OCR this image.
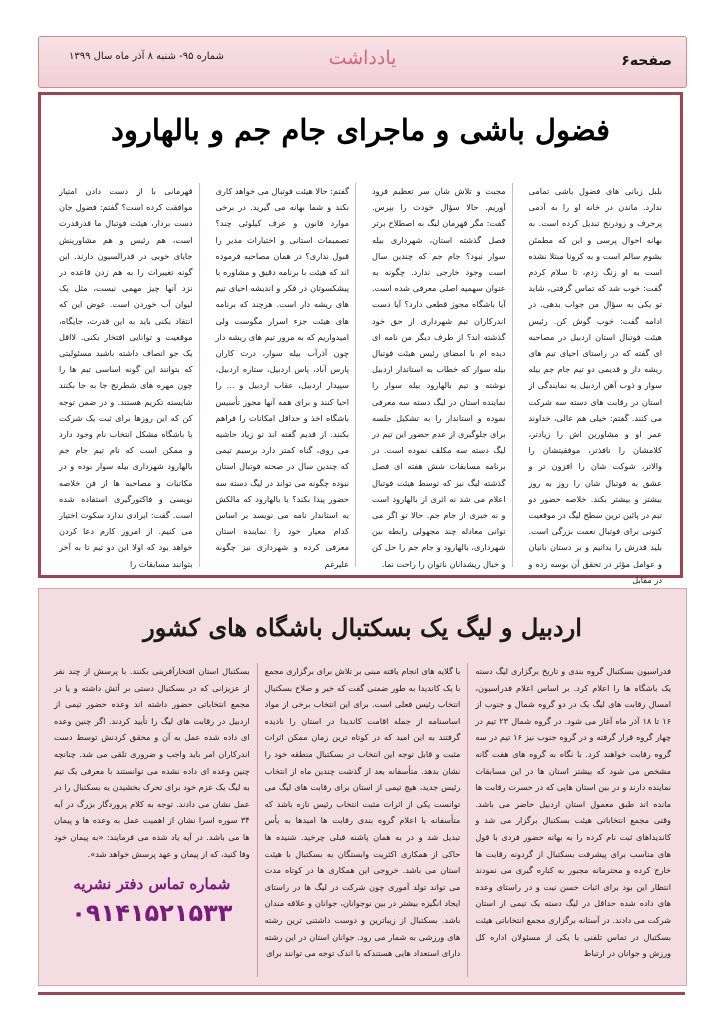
صفحه۶
یادداشت
شماره ۹۵- شنبه ۸ آذر ماه سال ۱۳۹۹
فضول باشی و ماجرای جام جم و بالهارود
بلبل زبانی های فضول باشی تمامی ندارد. ماندن در خانه او را به آدمی پرحرف و زودرنج تبدیل کرده است. به بهانه احوال پرسی و این که مطمئن بشوم سالم است و به کرونا مبتلا نشده است به او زنگ زدم، تا سلام کردم گفت: خوب شد که تماس گرفتی، شاید تو یکی به سؤال من جواب بدهی. در ادامه گفت: خوب گوش کن. رئیس هیئت فوتبال استان اردبیل در مصاحبه ای گفته که در راستای احیای تیم های ریشه دار و قدیمی دو تیم جام جم بیله سوار و ذوب آهن اردبیل به نمایندگی از استان در رقابت های دسته سه شرکت می کنند. گفتم: خیلی هم عالی، خداوند عمر او و مشاورین اش را زیادتر، کلامشان را نافذتر، موفقیتشان را والاتر، شوکت شان را افزون تر و عشق به فوتبال شان را روز به روز بیشتر و بیشتر بکند. خلاصه حضور دو تیم در پائین ترین سطح لیگ در موقعیت کنونی برای فوتبال نعمت بزرگی است. بلید قدرش را بدانیم و بر دستان بانیان و عوامل مؤثر در تحقق آن بوسه زده و در مقابل
مجبت و تلاش شان سر تعظیم فرود آوریم. حالا سؤال خودت را بپرس. گفت: مگر قهرمان لیگ به اصطلاح برتر فصل گذشته استان، شهرداری بیله سوار نبود؟ جام جم که چندین سال است وجود خارجی ندارد. چگونه به عنوان سهمیه اصلی معرفی شده است. آیا باشگاه مجوز قطعی دارد؟ آیا دست اندرکاران تیم شهرداری از حق خود گذشته اند؟ از طرف دیگر من نامه ای دیده ام با امضای رئیس هیئت فوتبال بیله سوار که خطاب به استاندار اردبیل نوشته و تیم بالهارود بیله سوار را نماینده استان در لیگ دسته سه معرفی نموده و استاندار را به تشکیل جلسه برای جلوگیری از عدم حضور این تیم در لیگ دسته سه مکلف نموده است. در برنامه مسابقات شش هفته ای فصل گذشته لیگ نیز که توسط هیئت فوتبال اعلام می شد نه اثری از بالهارود است و نه خبری از جام جم. حالا تو اگر می توانی معادله چند مجهولی رابطه بین شهرداری، بالهارود و جام جم را حل کن و خیال ریشدانان ناتوان را راحت نما.
گفتم: حالا هیئت فوتبال می خواهد کاری بکند و شما بهانه می گیرید. در برخی موارد قانون و عرف کیلوئی چند؟ تصمیمات استانی و اختیارات مدیر را قبول نداری؟ در همان مصاحبه فرموده اند که هیئت با برنامه دقیق و مشاوره با پیشکسوتان در فکر و اندیشه احیای تیم های ریشه دار است. هرچند که برنامه های هیئت جزء اسرار مگوست ولی امیدواریم که به مرور تیم های ریشه دار چون آذرآب بیله سوار، درت کاران پارس آباد، پاس اردبیل، ستاره اردبیل، سپیدار اردبیل، عقاب اردبیل و ... را احیا کنند و برای همه آنها مجوز تأسیس باشگاه اخذ و حداقل امکانات را فراهم بکنند. از قدیم گفته اند تو زیاد حاشیه می روی، گناه کمتر دارد برسیم تیمی که چندین سال در صحنه فوتبال استان نبوده چگونه می تواند در لیگ دسته سه حضور پیدا بکند؟ یا بالهارود که مالکش به استاندار نامه می نویسد بر اساس کدام معیار خود را نماینده استان معرفی کرده و شهرداری نیز چگونه علیرغم
قهرمانی با از دست دادن امتیاز موافقت کرده است؟ گفتم: فضول جان دست بردار، هیئت فوتبال ما قدرقدرت است، هم رئیس و هم مشاورینش جایای خوبی در قدرالسیون دارند. این گونه تغییرات را به هم زدن قاعده در نزد آنها چیز مهمی نیست، مثل یک لیوان آب خوردن است. عوض این که انتقاد بکنی باید به این قدرت، جایگاه، موقعیت و توانایی افتخار بکنی. لااقل یک جو انصاف داشته باشید مسئولیتی که بتوانند این گونه اساسی تیم ها را چون مهره های شطرنج جا به جا بکنند شایسته تکریم هستند. و در ضمن توجه کن که این روزها برای ثبت یک شرکت یا باشگاه مشکل انتخاب نام وجود دارد و ممکن است که نام تیم جام جم بالهارود شهرداری بیله سوار بوده و در مکاتبات و مصاحبه ها از فن خلاصه نویسی و فاکتورگیری استفاده شده است. گفت: ایرادی ندارد سکوت اختیار می کنیم. از امروز کارم دعا کردن خواهد بود که اولا این دو تیم تا به آخر بتوانند مسابقات را
اردبیل و لیگ یک بسکتبال باشگاه های کشور
فدراسیون بسکتبال گروه بندی و تاریخ برگزاری لیگ دسته یک باشگاه ها را اعلام کرد. بر اساس اعلام فدراسیون، امسال رقابت های لیگ یک در دو گروه شمال و جنوب از ۱۶ تا ۱۸ آذر ماه آغاز می شود. در گروه شمال ۲۳ تیم در چهار گروه قرار گرفته و در گروه جنوب نیز ۱۶ تیم در سه گروه رقابت خواهند کرد. با نگاه به گروه های هفت گانه مشخص می شود که بیشتر استان ها در این مسابقات نماینده دارند و در بین استان هایی که در حسرت رقابت ها مانده اند طبق معمول استان اردبیل حاضر می باشد. وقتی مجمع انتخاباتی هیئت بسکتبال برگزار می شد و کاندیداهای ثبت نام کرده را به بهانه حضور فردی با قول های مناسب برای پیشرفت بسکتبال از گردونه رقابت ها خارج کرده و محترمانه مجبور به کناره گیری می نمودند انتظار این بود برای اثبات حسن نیت و در راستای وعده های داده شده حداقل در لیگ دسته یک تیمی از استان شرکت می دادند. در آستانه برگزاری مجمع انتخاباتی هیئت بسکتبال در تماس تلفنی با یکی از مسئولان اداره کل ورزش و جوانان در ارتباط
با گلایه های انجام یافته مبنی بر تلاش برای برگزاری مجمع با یک کاندیدا به طور ضمنی گفت که خیر و صلاح بسکتبال انتخاب رئیس فعلی است. برای این انتخاب برخی از مواد اساسنامه از جمله اقامت کاندیدا در استان را نادیده گرفتند به این امید که در کوتاه ترین زمان ممکن اثرات مثبت و قابل توجه این انتخاب در بسکتبال منطقه خود را نشان بدهد. متأسفانه بعد از گذشت چندین ماه از انتخاب رئیس جدید، هیچ تیمی از استان برای رقابت های لیگ می توانست یکی از اثرات مثبت انتخاب رئیس تازه باشد که متأسفانه با اعلام گروه بندی رقابت ها امیدها به یأس تبدیل شد و در به همان پاشنه قبلی چرخید. شنیده ها حاکی از همکاری اکثریت وابستگان به بسکتبال با هیئت استان می باشد. خروجی این همکاری ها در کوتاه مدت می تواند تولد آموری چون شرکت در لیگ ها در راستای ایجاد انگیزه بیشتر در بین نوجوانان، جوانان و علاقه مندان باشد. بسکتبال از زیباترین و دوست داشتنی ترین رشته های ورزشی به شمار می رود. جوانان استان در این رشته دارای استعداد هایی هستندکه با اندک توجه می توانند برای
بسکتبال استان افتخارآفرینی بکنند. با پرسش از چند نفر از عزیزانی که در بسکتبال دستی بر آتش داشته و یا در مجمع انتخاباتی حضور داشته اند وعده حضور تیمی از اردبیل در رقابت های لیگ را تأیید کردند. اگر چنین وعده ای داده شده عمل به آن و محقق کردنش توسط دست اندرکاران امر باید واجب و ضروری تلقی می شد. چنانچه چنین وعده ای داده نشده می توانستند با معرفی یک تیم به لیگ یک عزم خود برای تحرک بخشیدن به بسکتبال را در عمل نشان می دادند. توجه به کلام پروردگار بزرگ در آیه ۳۴ سوره اسرا نشان از اهمیت عمل به وعده ها و پیمان ها می باشد. در آیه یاد شده می فرمایند: «به پیمان خود وفا کنید، که از پیمان و عهد پرسش خواهد شد».
شماره تماس دفتر نشریه
۰۹۱۴۱۵۲۱۵۳۳
